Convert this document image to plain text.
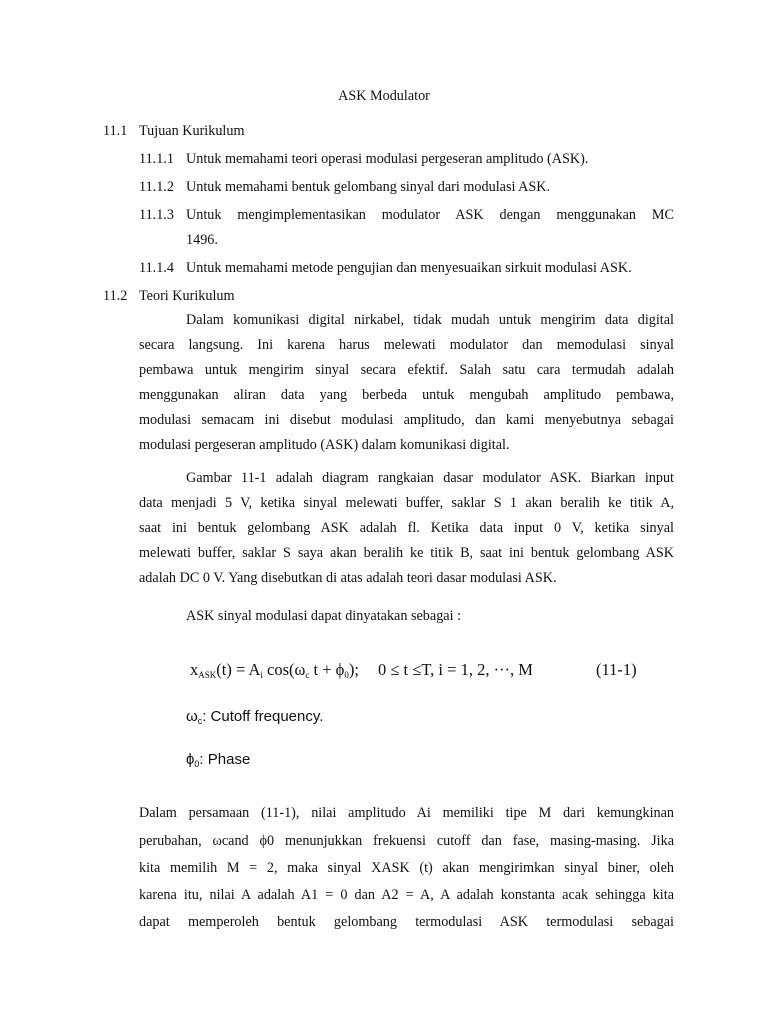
ASK Modulator
11.1 Tujuan Kurikulum
11.1.1 Untuk memahami teori operasi modulasi pergeseran amplitudo (ASK).
11.1.2 Untuk memahami bentuk gelombang sinyal dari modulasi ASK.
11.1.3 Untuk mengimplementasikan modulator ASK dengan menggunakan MC
1496.
11.1.4 Untuk memahami metode pengujian dan menyesuaikan sirkuit modulasi ASK.
11.2 Teori Kurikulum
Dalam komunikasi digital nirkabel, tidak mudah untuk mengirim data digital
secara langsung. Ini karena harus melewati modulator dan memodulasi sinyal
pembawa untuk mengirim sinyal secara efektif. Salah satu cara termudah adalah
menggunakan aliran data yang berbeda untuk mengubah amplitudo pembawa,
modulasi semacam ini disebut modulasi amplitudo, dan kami menyebutnya sebagai
modulasi pergeseran amplitudo (ASK) dalam komunikasi digital.
Gambar 11-1 adalah diagram rangkaian dasar modulator ASK. Biarkan input
data menjadi 5 V, ketika sinyal melewati buffer, saklar S 1 akan beralih ke titik A,
saat ini bentuk gelombang ASK adalah fl. Ketika data input 0 V, ketika sinyal
melewati buffer, saklar S saya akan beralih ke titik B, saat ini bentuk gelombang ASK
adalah DC 0 V. Yang disebutkan di atas adalah teori dasar modulasi ASK.
ASK sinyal modulasi dapat dinyatakan sebagai :
xASK(t) = Ai cos(ωc t + ϕ0); 0 ≤ t ≤T, i = 1, 2, ···, M	(11-1)
$\omega_c$: Cutoff frequency.
$\phi_0$: Phase
Dalam persamaan (11-1), nilai amplitudo Ai memiliki tipe M dari kemungkinan
perubahan, ωcand ϕ0 menunjukkan frekuensi cutoff dan fase, masing-masing. Jika
kita memilih M = 2, maka sinyal XASK (t) akan mengirimkan sinyal biner, oleh
karena itu, nilai A adalah A1 = 0 dan A2 = A, A adalah konstanta acak sehingga kita
dapat memperoleh bentuk gelombang termodulasi ASK termodulasi sebagai
